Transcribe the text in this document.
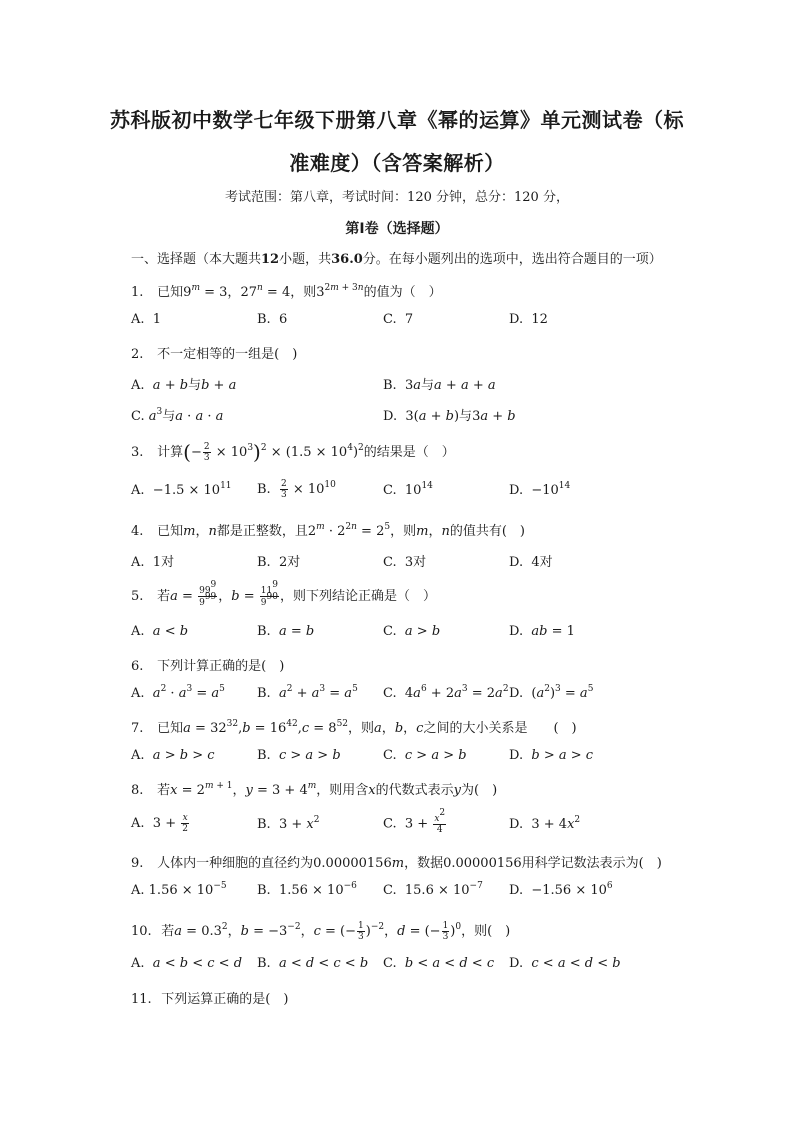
苏科版初中数学七年级下册第八章《幂的运算》单元测试卷（标
准难度）（含答案解析）
考试范围：第八章，考试时间：120 分钟，总分：120 分，
第Ⅰ卷（选择题）
一、选择题（本大题共12小题，共36.0分。在每小题列出的选项中，选出符合题目的一项）
1. 已知$9^m = 3$，$27^n = 4$，则$3^{2m + 3n}$的值为（　）
A. 1	B. 6	C. 7	D. 12
2. 不一定相等的一组是(　)
A. a + b与b + a	B.  3a与a + a + a
C. $a^3$与a · a · a	D.  3(a + b)与3a + b
3. 计算(− $\frac{2}{3} \times 10^3)^2 \times (1.5 \times 10^4)^2$的结果是（　）
A.  $-1.5 \times 10^{11}$ B. $\frac{2}{3} \times 10^{10}$	C.  $10^{14}$	D.  $-10^{14}$
4. 已知m，n都是正整数，且$2^m \cdot 2^{2n} = 2^5$，则m，n的值共有(　)
A. 1对	B. 2对	C. 3对	D. 4对
5. 若$a = \frac{99^9}{9^{99}}$ ，$b = \frac{11^9}{9^{90}}$ ，则下列结论正确是（　）
A. a < b	B. a = b	C. a > b	D. ab = 1
6. 下列计算正确的是(　)
A. $a^2 \cdot a^3 = a^5$ B. $a^2 + a^3 = a^5$ C.  $4a^6 + 2a^3 = 2a^2$ D.  $(a^2)^3 = a^5$
7. 已知$a = 32^{32},b = 16^{42},c = 8^{52}$，则a，b，c之间的大小关系是　　(　)
A. a > b > c	B. c > a > b	C. c > a > b	D. b > a > c
8. 若$x = 2^{m + 1}$，$y = 3 + 4^m$，则用含x的代数式表示y为(　)
A.  $3 + \frac{x}{2}$	B.  $3 + x^2$	C.  $3 + \frac{x^2}{4}$	D.  $3 + 4x^2$
9. 人体内一种细胞的直径约为0.00000156m，数据0.00000156用科学记数法表示为(　)
A. $1.56 \times 10^{-5}$ B.  $1.56 \times 10^{-6}$ C.  $15.6 \times 10^{-7}$ D.  $-1.56 \times 10^6$
10. 若$a = 0.3^2$，$b = -3^{-2}$，c = (− $\frac{1}{3} )^{-2}$，d = (− $\frac{1}{3} )^0$，则(　)
A. a < b < c < d B. a < d < c < b C. b < a < d < c D. c < a < d < b
11. 下列运算正确的是(　)
